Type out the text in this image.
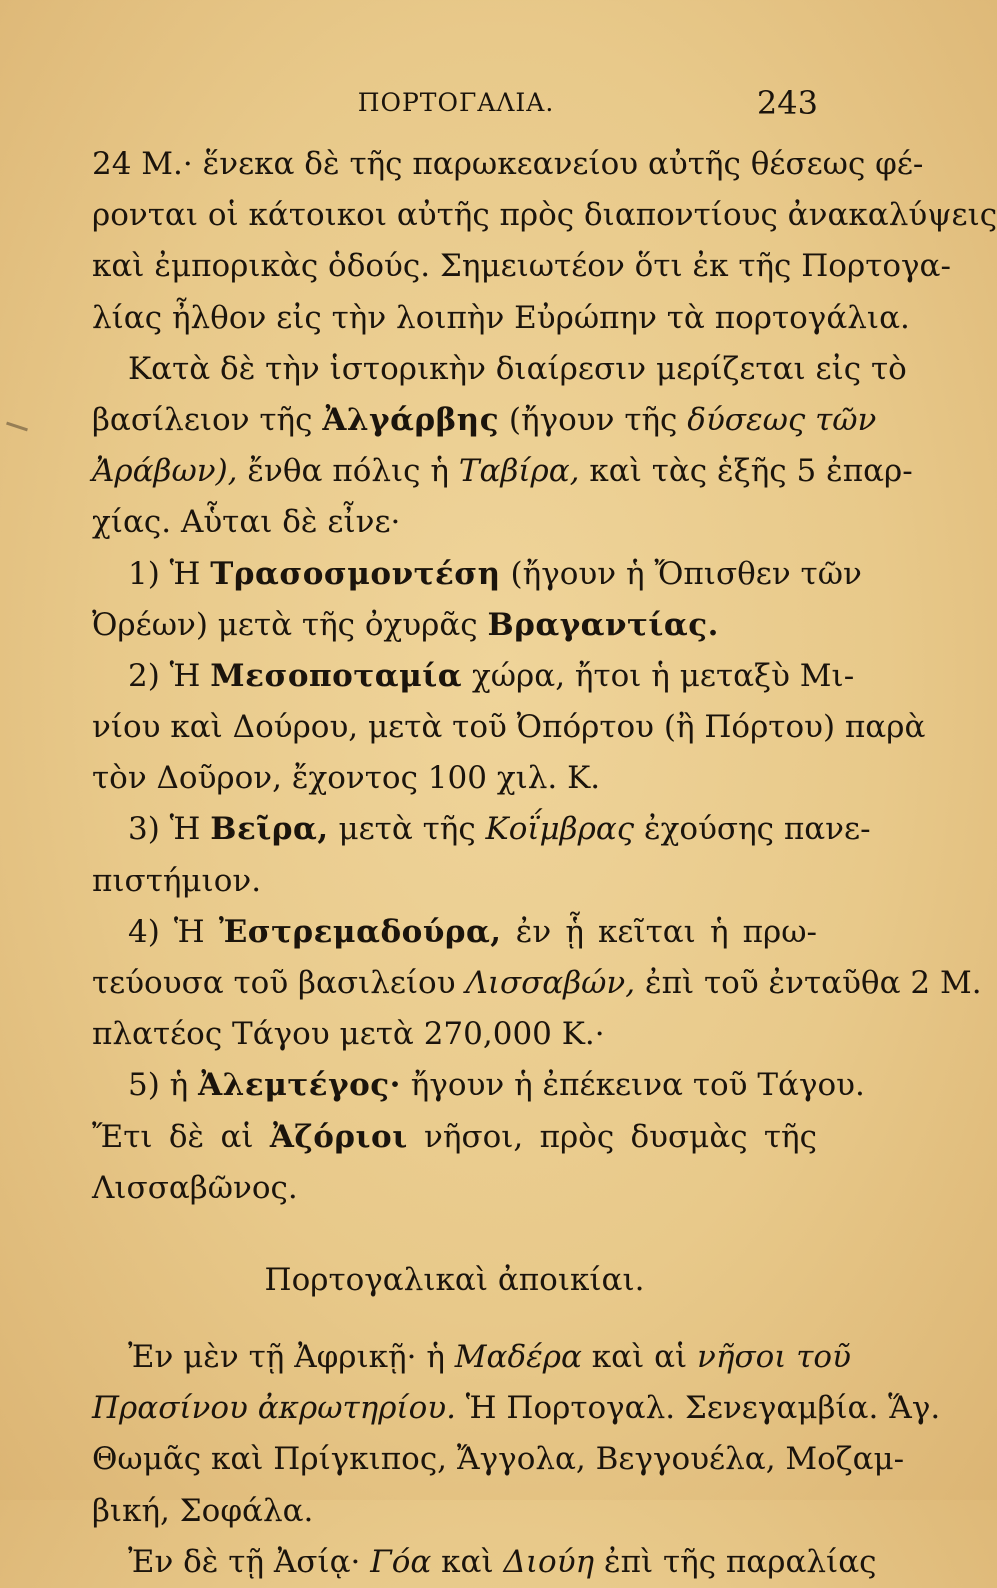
ΠΟΡΤΟΓΑΛΙΑ.	243
24 Μ.· ἕνεκα δὲ τῆς παρωκεανείου αὐτῆς θέσεως φέ-
ρονται οἱ κάτοικοι αὐτῆς πρὸς διαποντίους ἀνακαλύψεις
καὶ ἐμπορικὰς ὁδούς. Σημειωτέον ὅτι ἐκ τῆς Πορτογα-
λίας ἦλθον εἰς τὴν λοιπὴν Εὐρώπην τὰ πορτογάλια.
Κατὰ δὲ τὴν ἱστορικὴν διαίρεσιν μερίζεται εἰς τὸ
βασίλειον τῆς Ἀλγάρβης (ἤγουν τῆς δύσεως τῶν
Ἀράβων), ἔνθα πόλις ἡ Ταβίρα, καὶ τὰς ἑξῆς 5 ἐπαρ-
χίας. Αὗται δὲ εἶνε·
1) Ἡ Τρασοσμοντέση (ἤγουν ἡ Ὄπισθεν τῶν
Ὀρέων) μετὰ τῆς ὀχυρᾶς Βραγαντίας.
2) Ἡ Μεσοποταμία χώρα, ἤτοι ἡ μεταξὺ Μι-
νίου καὶ Δούρου, μετὰ τοῦ Ὀπόρτου (ἢ Πόρτου) παρὰ
τὸν Δοῦρον, ἔχοντος 100 χιλ. Κ.
3) Ἡ Βεῖρα, μετὰ τῆς Κοΐμβρας ἐχούσης πανε-
πιστήμιον.
4) Ἡ Ἐστρεμαδούρα, ἐν ᾗ κεῖται ἡ πρω-
τεύουσα τοῦ βασιλείου Λισσαβών, ἐπὶ τοῦ ἐνταῦθα 2 Μ.
πλατέος Τάγου μετὰ 270,000 Κ.·
5) ἡ Ἀλεμτέγος· ἤγουν ἡ ἐπέκεινα τοῦ Τάγου.
Ἔτι δὲ αἱ Ἀζόριοι νῆσοι, πρὸς δυσμὰς τῆς
Λισσαβῶνος.
Πορτογαλικαὶ ἀποικίαι.
Ἐν μὲν τῇ Ἀφρικῇ· ἡ Μαδέρα καὶ αἱ νῆσοι τοῦ
Πρασίνου ἀκρωτηρίου. Ἡ Πορτογαλ. Σενεγαμβία. Ἅγ.
Θωμᾶς καὶ Πρίγκιπος, Ἄγγολα, Βεγγουέλα, Μοζαμ-
βική, Σοφάλα.
Ἐν δὲ τῇ Ἀσίᾳ· Γόα καὶ Διούη ἐπὶ τῆς παραλίας
